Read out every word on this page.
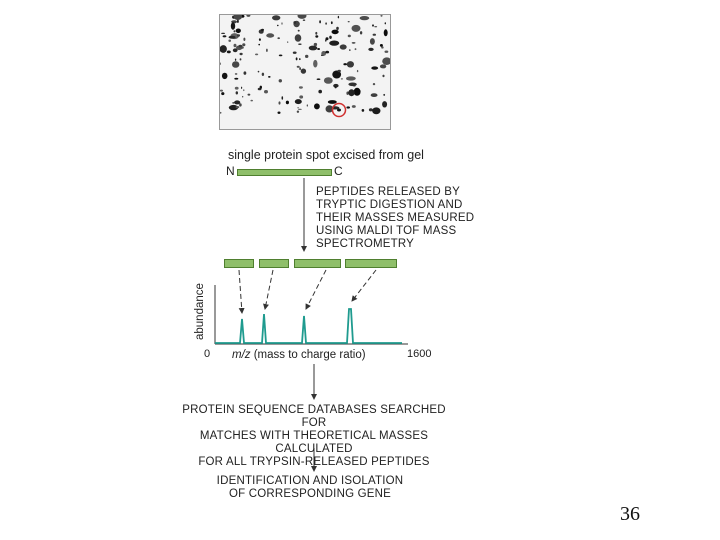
single protein spot excised from gel
N	C
PEPTIDES RELEASED BY
TRYPTIC DIGESTION AND
THEIR MASSES MEASURED
USING MALDI TOF MASS
SPECTROMETRY
abundance
0	1600
m/z (mass to charge ratio)
PROTEIN SEQUENCE DATABASES SEARCHED FOR
MATCHES WITH THEORETICAL MASSES CALCULATED
FOR ALL TRYPSIN-RELEASED PEPTIDES
IDENTIFICATION AND ISOLATION
OF CORRESPONDING GENE
36
